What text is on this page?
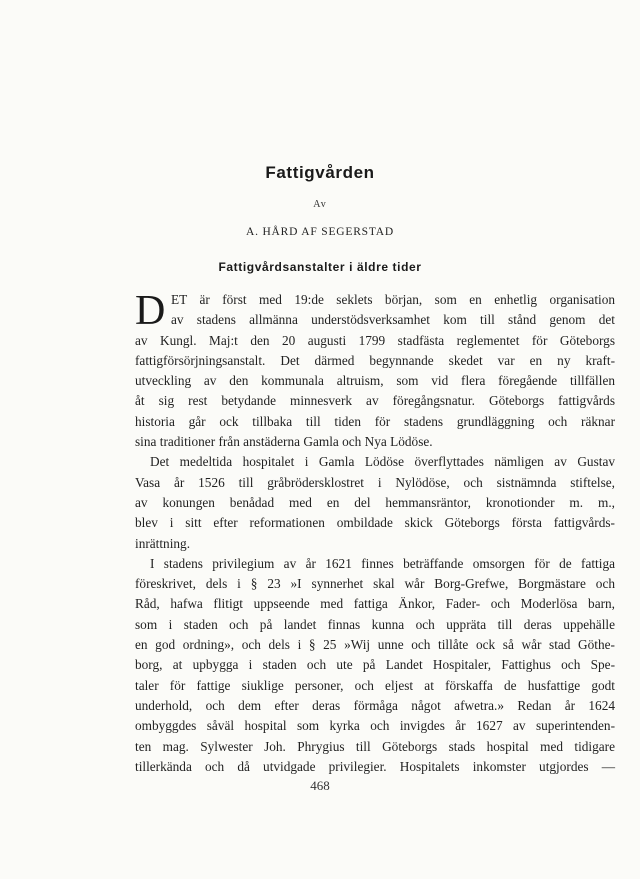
Fattigvården
Av
A. HÅRD AF SEGERSTAD
Fattigvårdsanstalter i äldre tider
D ET är först med 19:de seklets början, som en enhetlig organisation
av stadens allmänna understödsverksamhet kom till stånd genom det
av Kungl. Maj:t den 20 augusti 1799 stadfästa reglementet för Göteborgs
fattigförsörjningsanstalt. Det därmed begynnande skedet var en ny kraft-
utveckling av den kommunala altruism, som vid flera föregående tillfällen
åt sig rest betydande minnesverk av föregångsnatur. Göteborgs fattigvårds
historia går ock tillbaka till tiden för stadens grundläggning och räknar
sina traditioner från anstäderna Gamla och Nya Lödöse.
Det medeltida hospitalet i Gamla Lödöse överflyttades nämligen av Gustav
Vasa år 1526 till gråbrödersklostret i Nylödöse, och sistnämnda stiftelse,
av konungen benådad med en del hemmansräntor, kronotionder m. m.,
blev i sitt efter reformationen ombildade skick Göteborgs första fattigvårds-
inrättning.
I stadens privilegium av år 1621 finnes beträffande omsorgen för de fattiga
föreskrivet, dels i § 23 »I synnerhet skal wår Borg-Grefwe, Borgmästare och
Råd, hafwa flitigt uppseende med fattiga Änkor, Fader- och Moderlösa barn,
som i staden och på landet finnas kunna och uppräta till deras uppehälle
en god ordning», och dels i § 25 »Wij unne och tillåte ock så wår stad Göthe-
borg, at upbygga i staden och ute på Landet Hospitaler, Fattighus och Spe-
taler för fattige siuklige personer, och eljest at förskaffa de husfattige godt
underhold, och dem efter deras förmåga något afwetra.» Redan år 1624
ombyggdes såväl hospital som kyrka och invigdes år 1627 av superintenden-
ten mag. Sylwester Joh. Phrygius till Göteborgs stads hospital med tidigare
tillerkända och då utvidgade privilegier. Hospitalets inkomster utgjordes —
468
